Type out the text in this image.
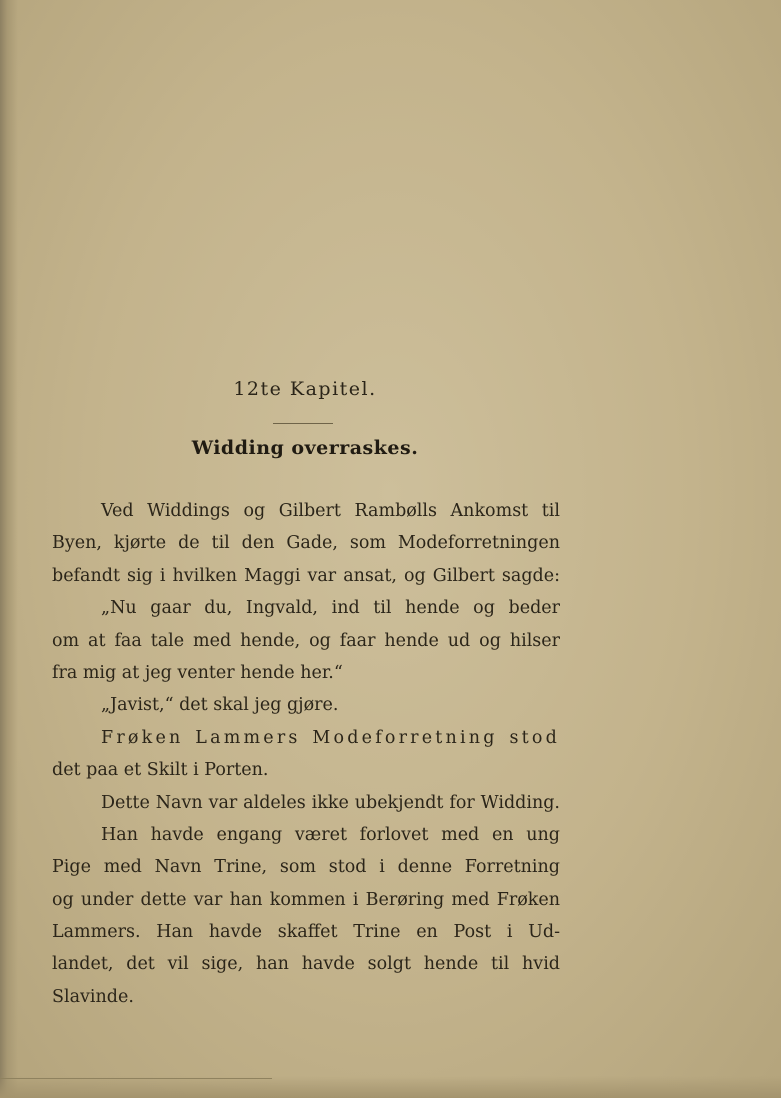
12te Kapitel.
Widding overraskes.
Ved Widdings og Gilbert Rambølls Ankomst til
Byen, kjørte de til den Gade, som Modeforretningen
befandt sig i hvilken Maggi var ansat, og Gilbert sagde:
„Nu gaar du, Ingvald, ind til hende og beder
om at faa tale med hende, og faar hende ud og hilser
fra mig at jeg venter hende her.“
„Javist,“ det skal jeg gjøre.
Frøken Lammers Modeforretning stod
det paa et Skilt i Porten.
Dette Navn var aldeles ikke ubekjendt for Widding.
Han havde engang været forlovet med en ung
Pige med Navn Trine, som stod i denne Forretning
og under dette var han kommen i Berøring med Frøken
Lammers. Han havde skaffet Trine en Post i Ud-
landet, det vil sige, han havde solgt hende til hvid
Slavinde.
